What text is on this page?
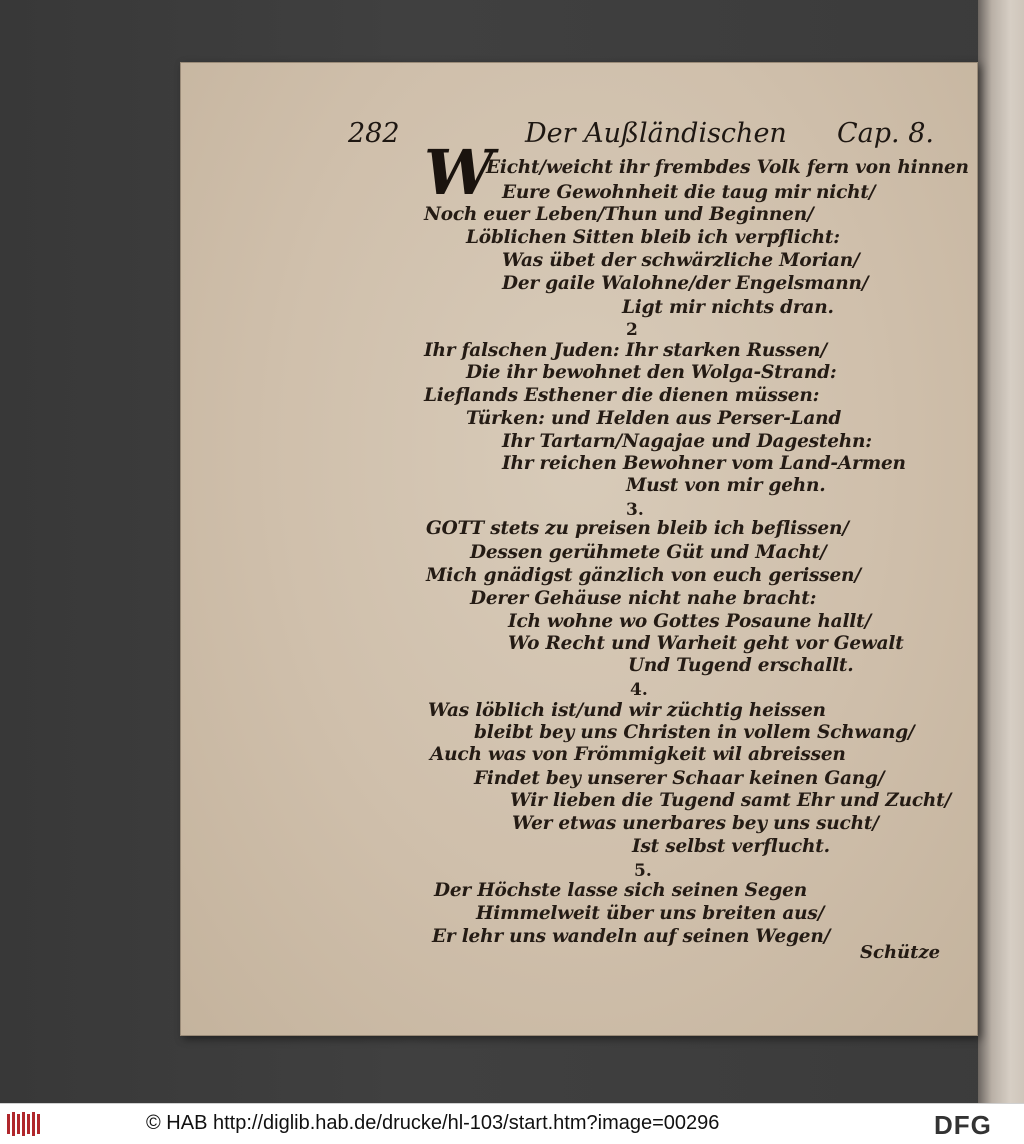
282	Der Außländischen Cap. 8.
W
Eicht/weicht ihr frembdes Volk fern von hinnen
Eure Gewohnheit die taug mir nicht/
Noch euer Leben/Thun und Beginnen/
Löblichen Sitten bleib ich verpflicht:
Was übet der schwärzliche Morian/
Der gaile Walohne/der Engelsmann/
Ligt mir nichts dran.
2
Ihr falschen Juden: Ihr starken Russen/
Die ihr bewohnet den Wolga-Strand:
Lieflands Esthener die dienen müssen:
Türken: und Helden aus Perser-Land
Ihr Tartarn/Nagajae und Dagestehn:
Ihr reichen Bewohner vom Land-Armen
Must von mir gehn.
3.
GOTT stets zu preisen bleib ich beflissen/
Dessen gerühmete Güt und Macht/
Mich gnädigst gänzlich von euch gerissen/
Derer Gehäuse nicht nahe bracht:
Ich wohne wo Gottes Posaune hallt/
Wo Recht und Warheit geht vor Gewalt
Und Tugend erschallt.
4.
Was löblich ist/und wir züchtig heissen
bleibt bey uns Christen in vollem Schwang/
Auch was von Frömmigkeit wil abreissen
Findet bey unserer Schaar keinen Gang/
Wir lieben die Tugend samt Ehr und Zucht/
Wer etwas unerbares bey uns sucht/
Ist selbst verflucht.
5.
Der Höchste lasse sich seinen Segen
Himmelweit über uns breiten aus/
Er lehr uns wandeln auf seinen Wegen/
Schütze
© HAB http://diglib.hab.de/drucke/hl-103/start.htm?image=00296	DFG
